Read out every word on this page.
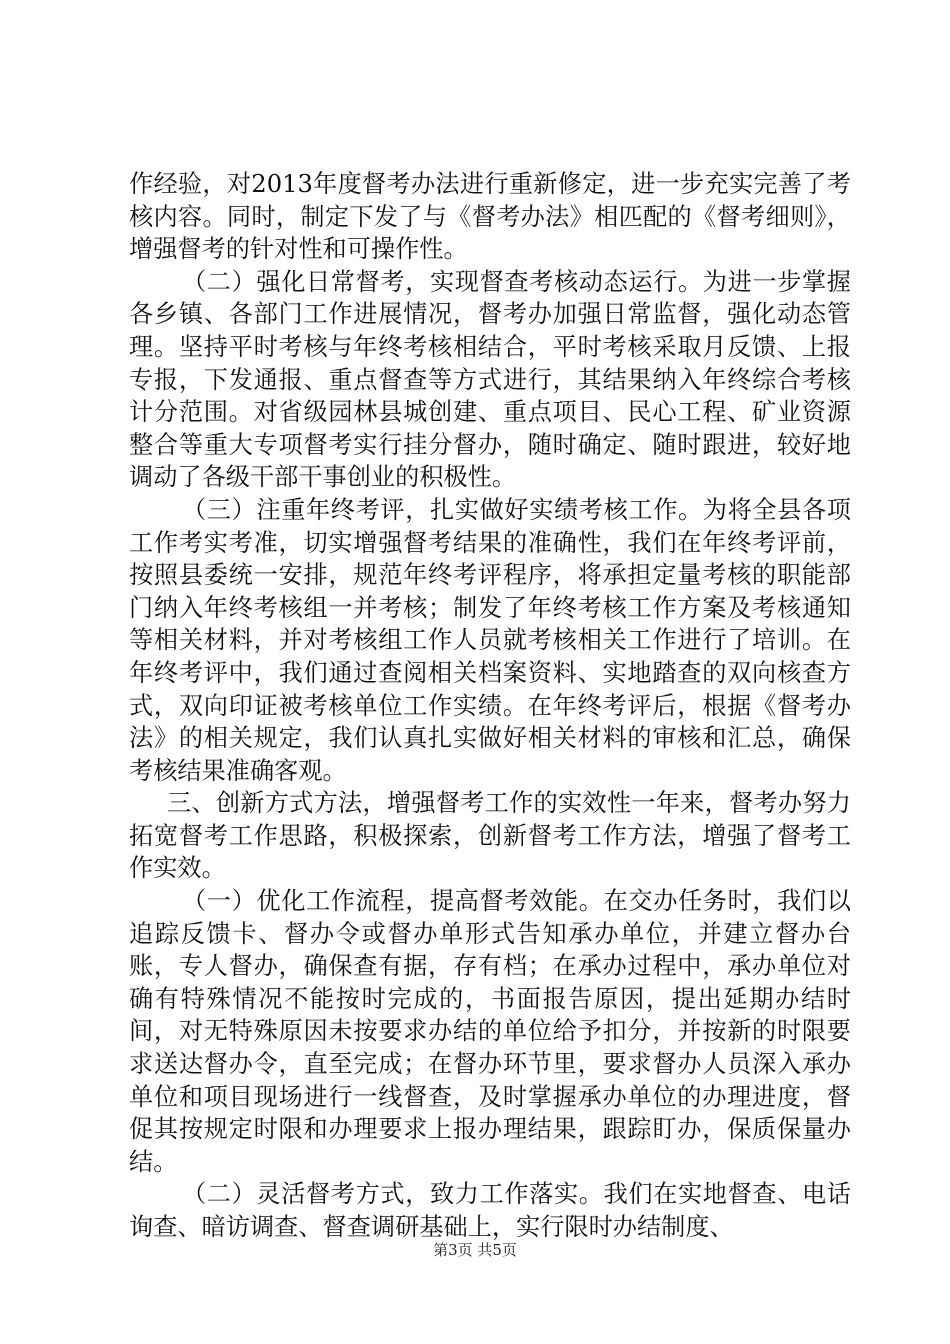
作经验，对2013年度督考办法进行重新修定，进一步充实完善了考核内容。同时，制定下发了与《督考办法》相匹配的《督考细则》，增强督考的针对性和可操作性。

（二）强化日常督考，实现督查考核动态运行。为进一步掌握各乡镇、各部门工作进展情况，督考办加强日常监督，强化动态管理。坚持平时考核与年终考核相结合，平时考核采取月反馈、上报专报，下发通报、重点督查等方式进行，其结果纳入年终综合考核计分范围。对省级园林县城创建、重点项目、民心工程、矿业资源整合等重大专项督考实行挂分督办，随时确定、随时跟进，较好地调动了各级干部干事创业的积极性。

（三）注重年终考评，扎实做好实绩考核工作。为将全县各项工作考实考准，切实增强督考结果的准确性，我们在年终考评前，按照县委统一安排，规范年终考评程序，将承担定量考核的职能部门纳入年终考核组一并考核；制发了年终考核工作方案及考核通知等相关材料，并对考核组工作人员就考核相关工作进行了培训。在年终考评中，我们通过查阅相关档案资料、实地踏查的双向核查方式，双向印证被考核单位工作实绩。在年终考评后，根据《督考办法》的相关规定，我们认真扎实做好相关材料的审核和汇总，确保考核结果准确客观。

三、创新方式方法，增强督考工作的实效性一年来，督考办努力拓宽督考工作思路，积极探索，创新督考工作方法，增强了督考工作实效。

（一）优化工作流程，提高督考效能。在交办任务时，我们以追踪反馈卡、督办令或督办单形式告知承办单位，并建立督办台账，专人督办，确保查有据，存有档；在承办过程中，承办单位对确有特殊情况不能按时完成的，书面报告原因，提出延期办结时间，对无特殊原因未按要求办结的单位给予扣分，并按新的时限要求送达督办令，直至完成；在督办环节里，要求督办人员深入承办单位和项目现场进行一线督查，及时掌握承办单位的办理进度，督促其按规定时限和办理要求上报办理结果，跟踪盯办，保质保量办结。

（二）灵活督考方式，致力工作落实。我们在实地督查、电话询查、暗访调查、督查调研基础上，实行限时办结制度、

第3页 共5页
